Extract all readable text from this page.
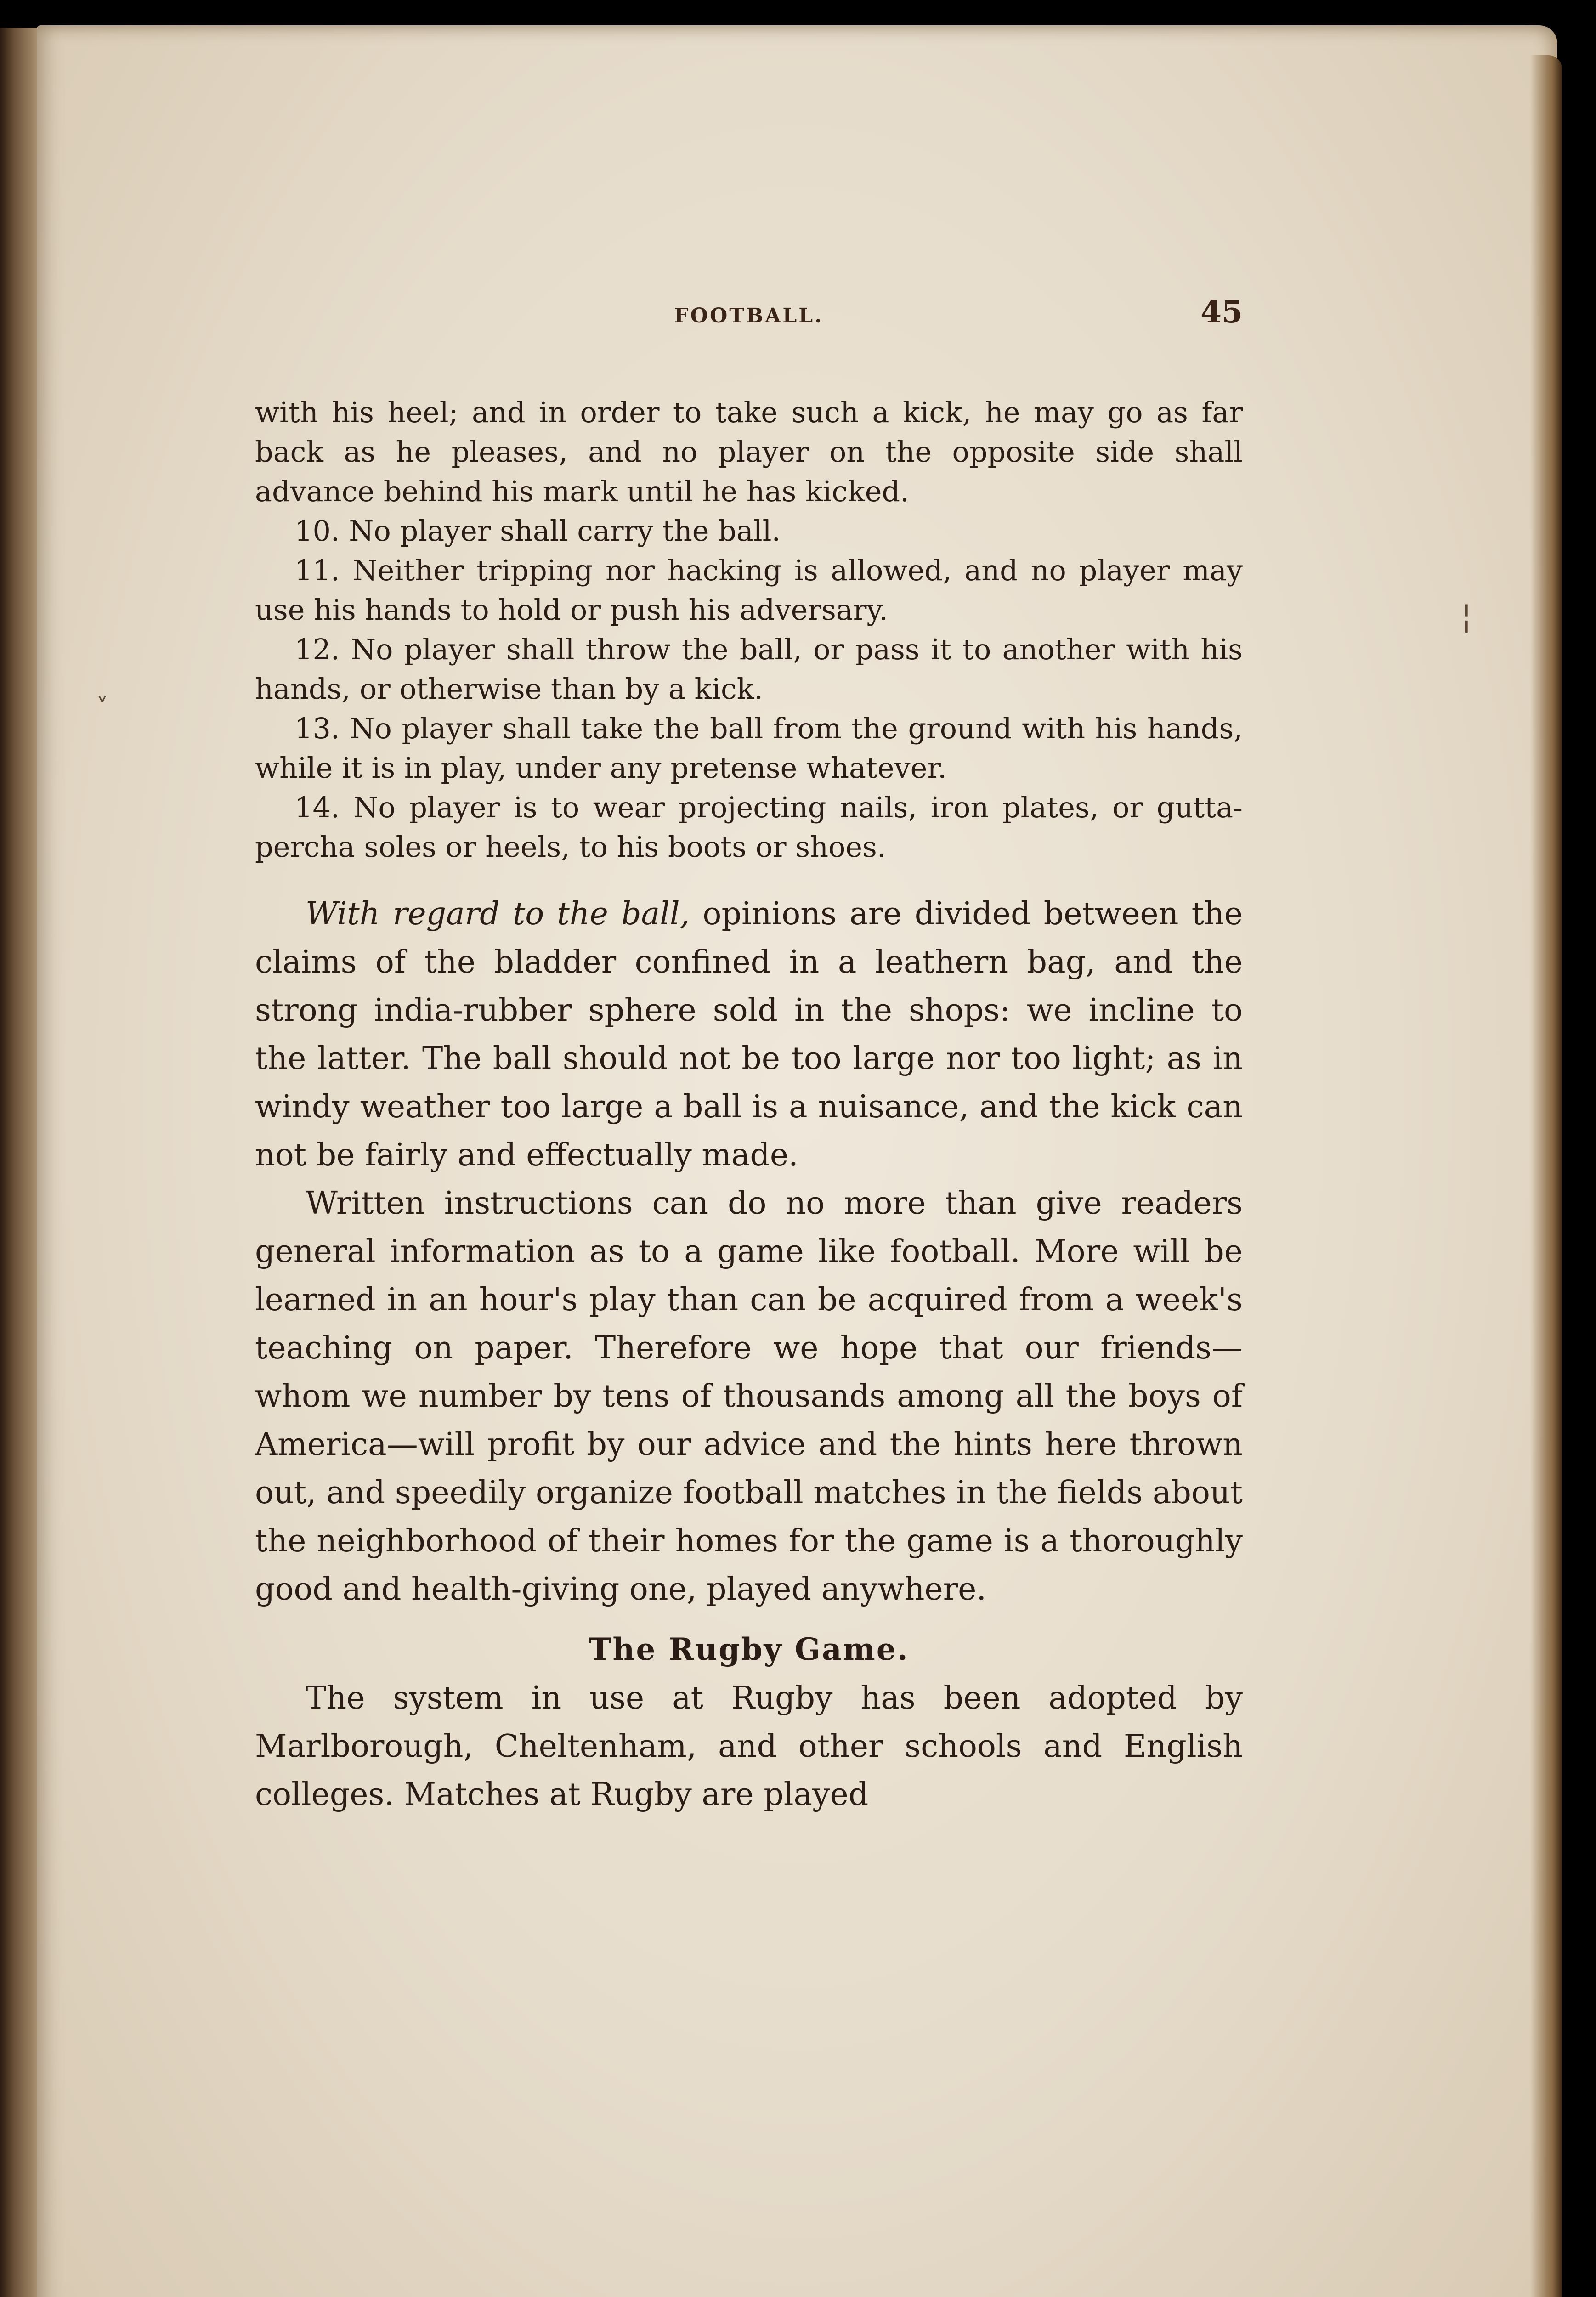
˅
¦
FOOTBALL.	45

with his heel; and in order to take such a kick, he may go as far back as he pleases, and no player on the opposite side shall advance behind his mark until he has kicked.

10. No player shall carry the ball.

11. Neither tripping nor hacking is allowed, and no player may use his hands to hold or push his adversary.

12. No player shall throw the ball, or pass it to another with his hands, or otherwise than by a kick.

13. No player shall take the ball from the ground with his hands, while it is in play, under any pretense whatever.

14. No player is to wear projecting nails, iron plates, or gutta-percha soles or heels, to his boots or shoes.

With regard to the ball, opinions are divided between the claims of the bladder confined in a leathern bag, and the strong india-rubber sphere sold in the shops: we incline to the latter. The ball should not be too large nor too light; as in windy weather too large a ball is a nuisance, and the kick can not be fairly and effectually made.

Written instructions can do no more than give readers general information as to a game like football. More will be learned in an hour's play than can be acquired from a week's teaching on paper. Therefore we hope that our friends—whom we number by tens of thousands among all the boys of America—will profit by our advice and the hints here thrown out, and speedily organize football matches in the fields about the neighborhood of their homes for the game is a thoroughly good and health-giving one, played anywhere.

The Rugby Game.

The system in use at Rugby has been adopted by Marlborough, Cheltenham, and other schools and English colleges. Matches at Rugby are played
